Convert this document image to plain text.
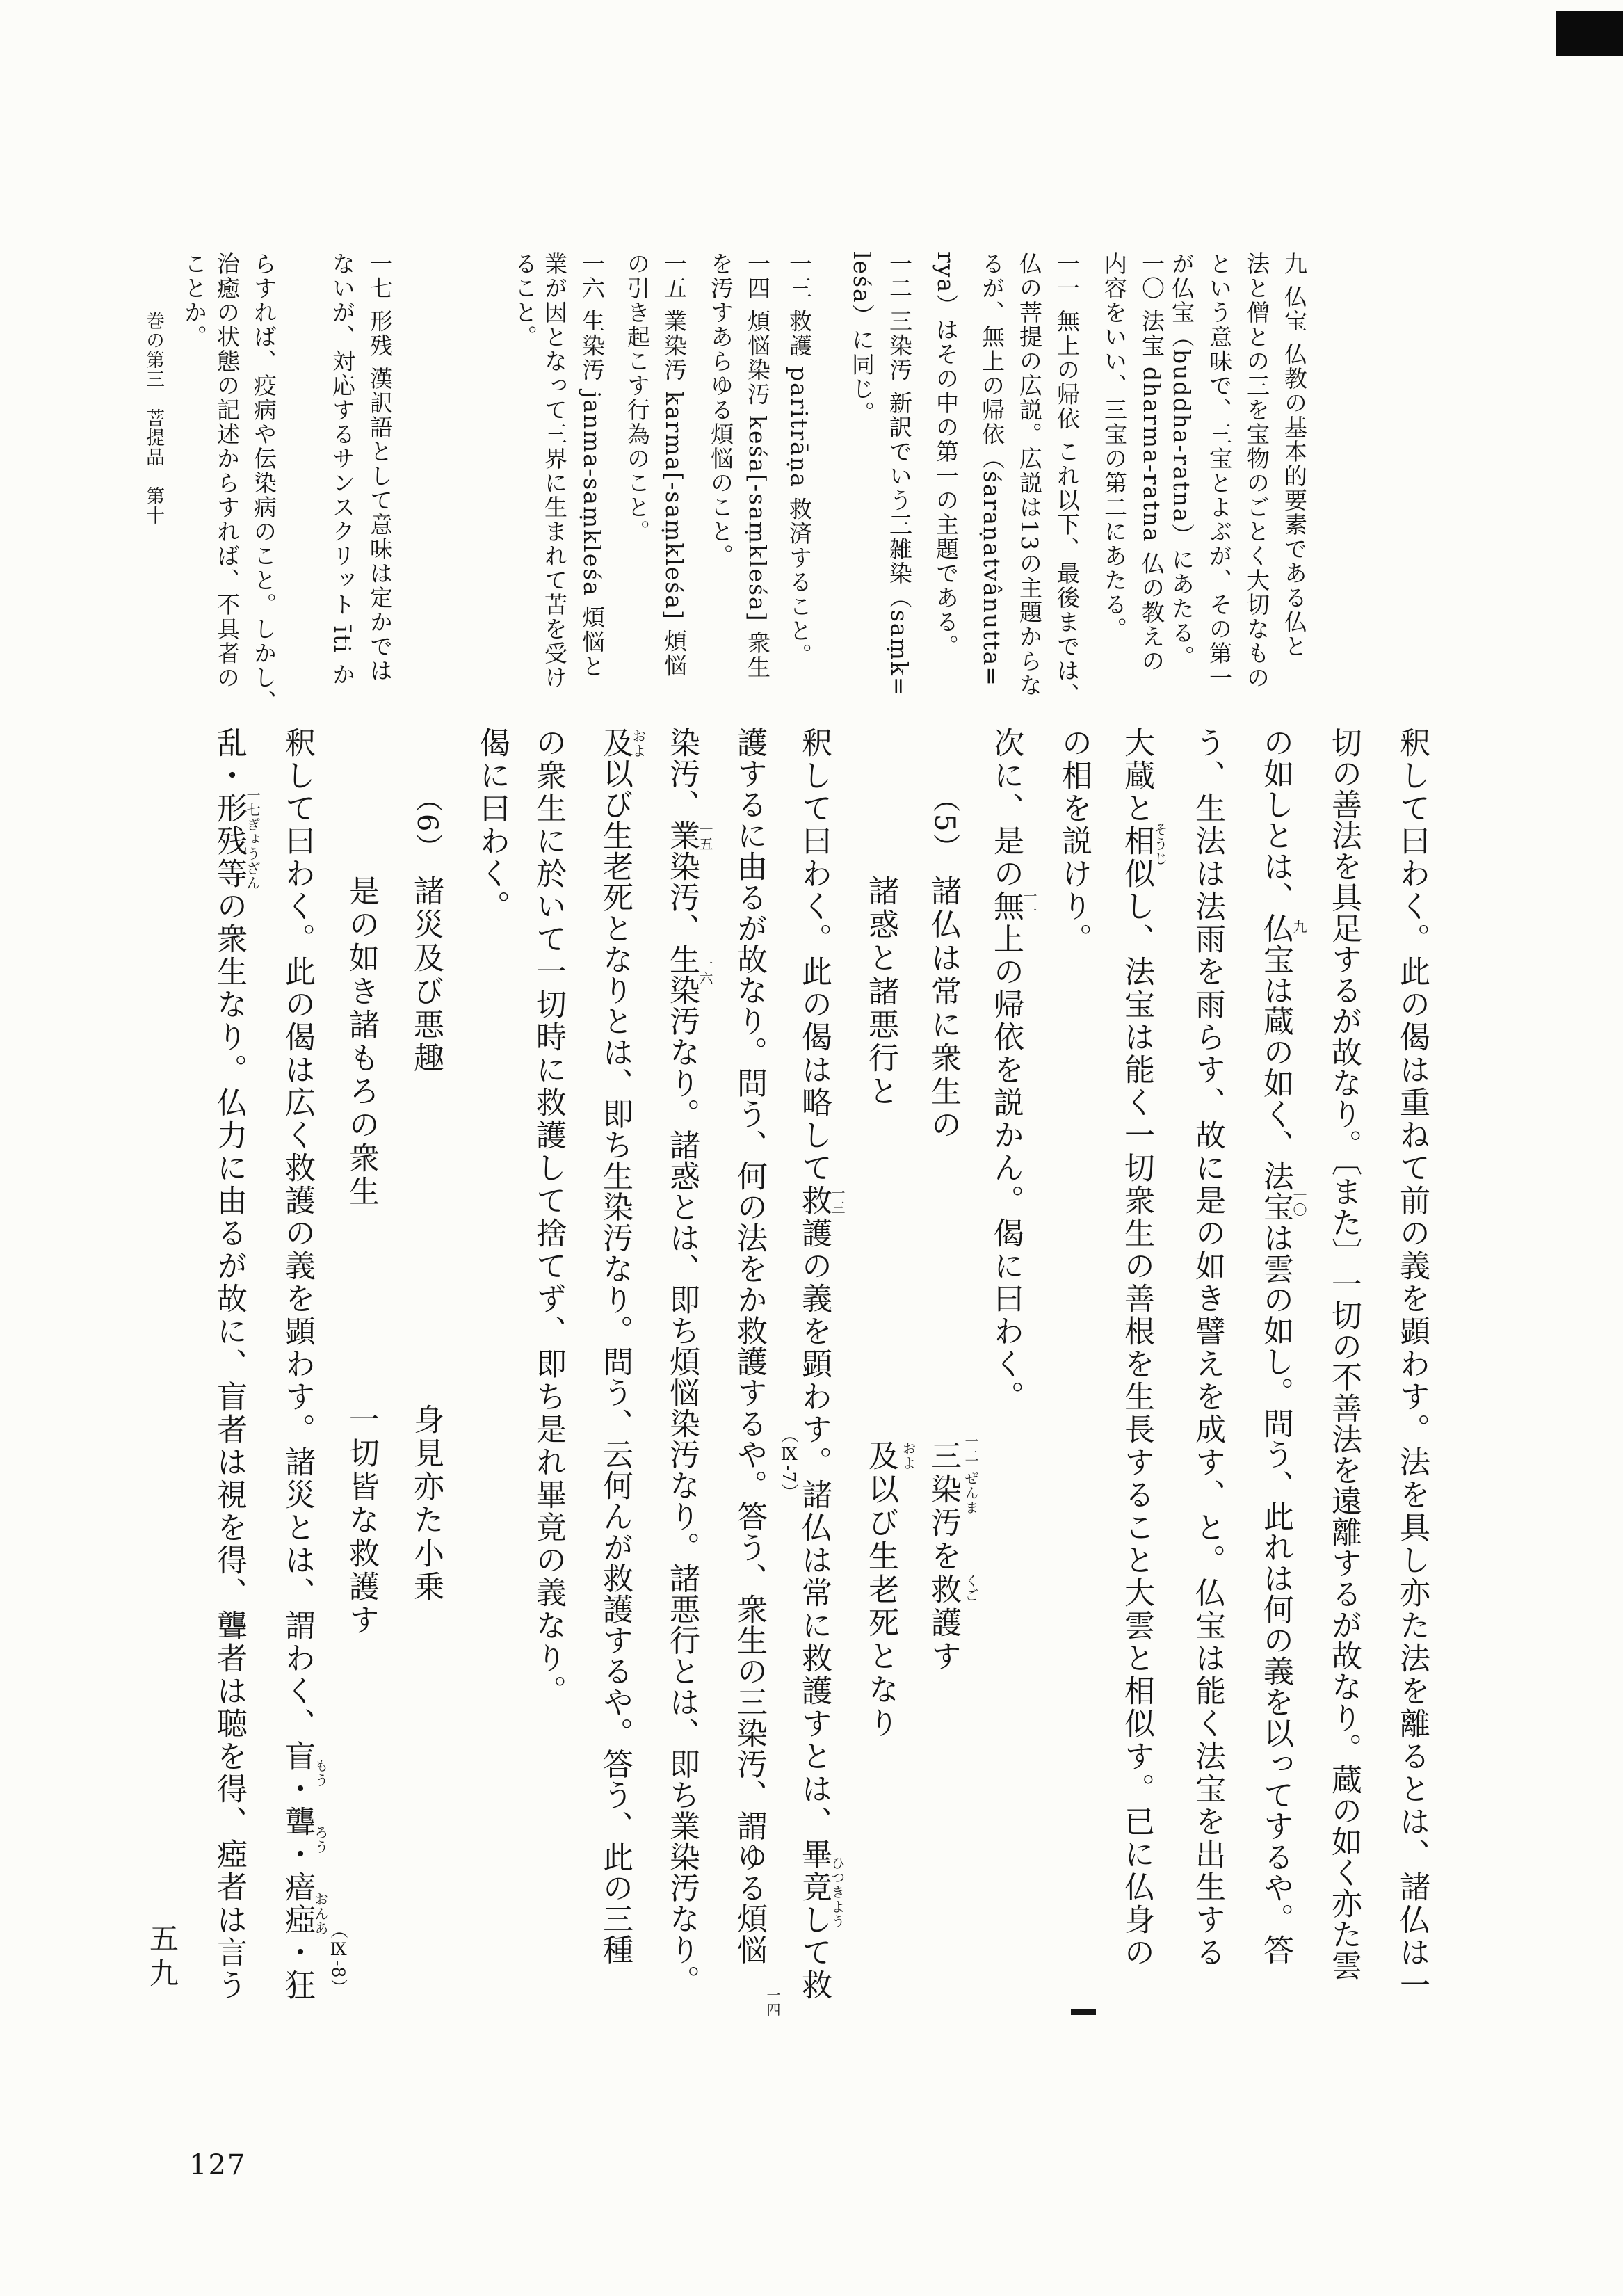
九 仏宝 仏教の基本的要素である仏と
法と僧との三を宝物のごとく大切なもの
という意味で、三宝とよぶが、その第一
が仏宝（buddha-ratna）にあたる。
一〇 法宝 dharma-ratna 仏の教えの
内容をいい、三宝の第二にあたる。
一一 無上の帰依 これ以下、最後までは、
仏の菩提の広説。広説は13の主題からな
るが、無上の帰依（śaraṇatvânutta=
rya）はその中の第一の主題である。
一二 三染汚 新訳でいう三雑染（saṃk=
leśa）に同じ。
一三 救護 paritrāṇa 救済すること。
一四 煩悩染汚 keśa[-saṃkleśa] 衆生
を汚すあらゆる煩悩のこと。
一五 業染汚 karma[-saṃkleśa] 煩悩
の引き起こす行為のこと。
一六 生染汚 janma-saṃkleśa 煩悩と
業が因となって三界に生まれて苦を受け
ること。
一七 形残 漢訳語として意味は定かでは
ないが、対応するサンスクリット īti か
らすれば、疫病や伝染病のこと。しかし、
治癒の状態の記述からすれば、不具者の
ことか。
巻の第三　菩提品　第十
釈して曰わく。此の偈は重ねて前の義を顕わす。法を具し亦た法を離るとは、諸仏は一
切の善法を具足するが故なり。〔また〕一切の不善法を遠離するが故なり。蔵の如く亦た雲
の如しとは、仏宝は蔵の如く、法宝は雲の如し。問う、此れは何の義を以ってするや。答
う、生法は法雨を雨らす、故に是の如き譬えを成す、と。仏宝は能く法宝を出生する
大蔵と相似し、法宝は能く一切衆生の善根を生長すること大雲と相似す。已に仏身の
の相を説けり。
次に、是の無上の帰依を説かん。偈に曰わく。
釈して曰わく。此の偈は略して救護の義を顕わす。諸仏は常に救護すとは、畢竟して救
護するに由るが故なり。問う、何の法をか救護するや。答う、衆生の三染汚、謂ゆる煩悩
染汚、業染汚、生染汚なり。諸惑とは、即ち煩悩染汚なり。諸悪行とは、即ち業染汚なり。
及以び生老死となりとは、即ち生染汚なり。問う、云何んが救護するや。答う、此の三種
の衆生に於いて一切時に救護して捨てず、即ち是れ畢竟の義なり。
偈に曰わく。
釈して曰わく。此の偈は広く救護の義を顕わす。諸災とは、謂わく、盲・聾・瘖瘂・狂
乱・形残等の衆生なり。仏力に由るが故に、盲者は視を得、聾者は聴を得、瘂者は言う	（5）
諸仏は常に衆生の
三染汚を救護す
諸惑と諸悪行と
及以び生老死となり
（Ⅸ-7）
（6）
諸災及び悪趣
身見亦た小乗
是の如き諸もろの衆生
一切皆な救護す
（Ⅸ-8）
九
一〇
一一
そうじ
一三
ひつきよう
一四
一五
一六
およ
一二
ぜんま
くご
およ
もう
ろう
おんあ
一七ぎょうざん
五九
127
